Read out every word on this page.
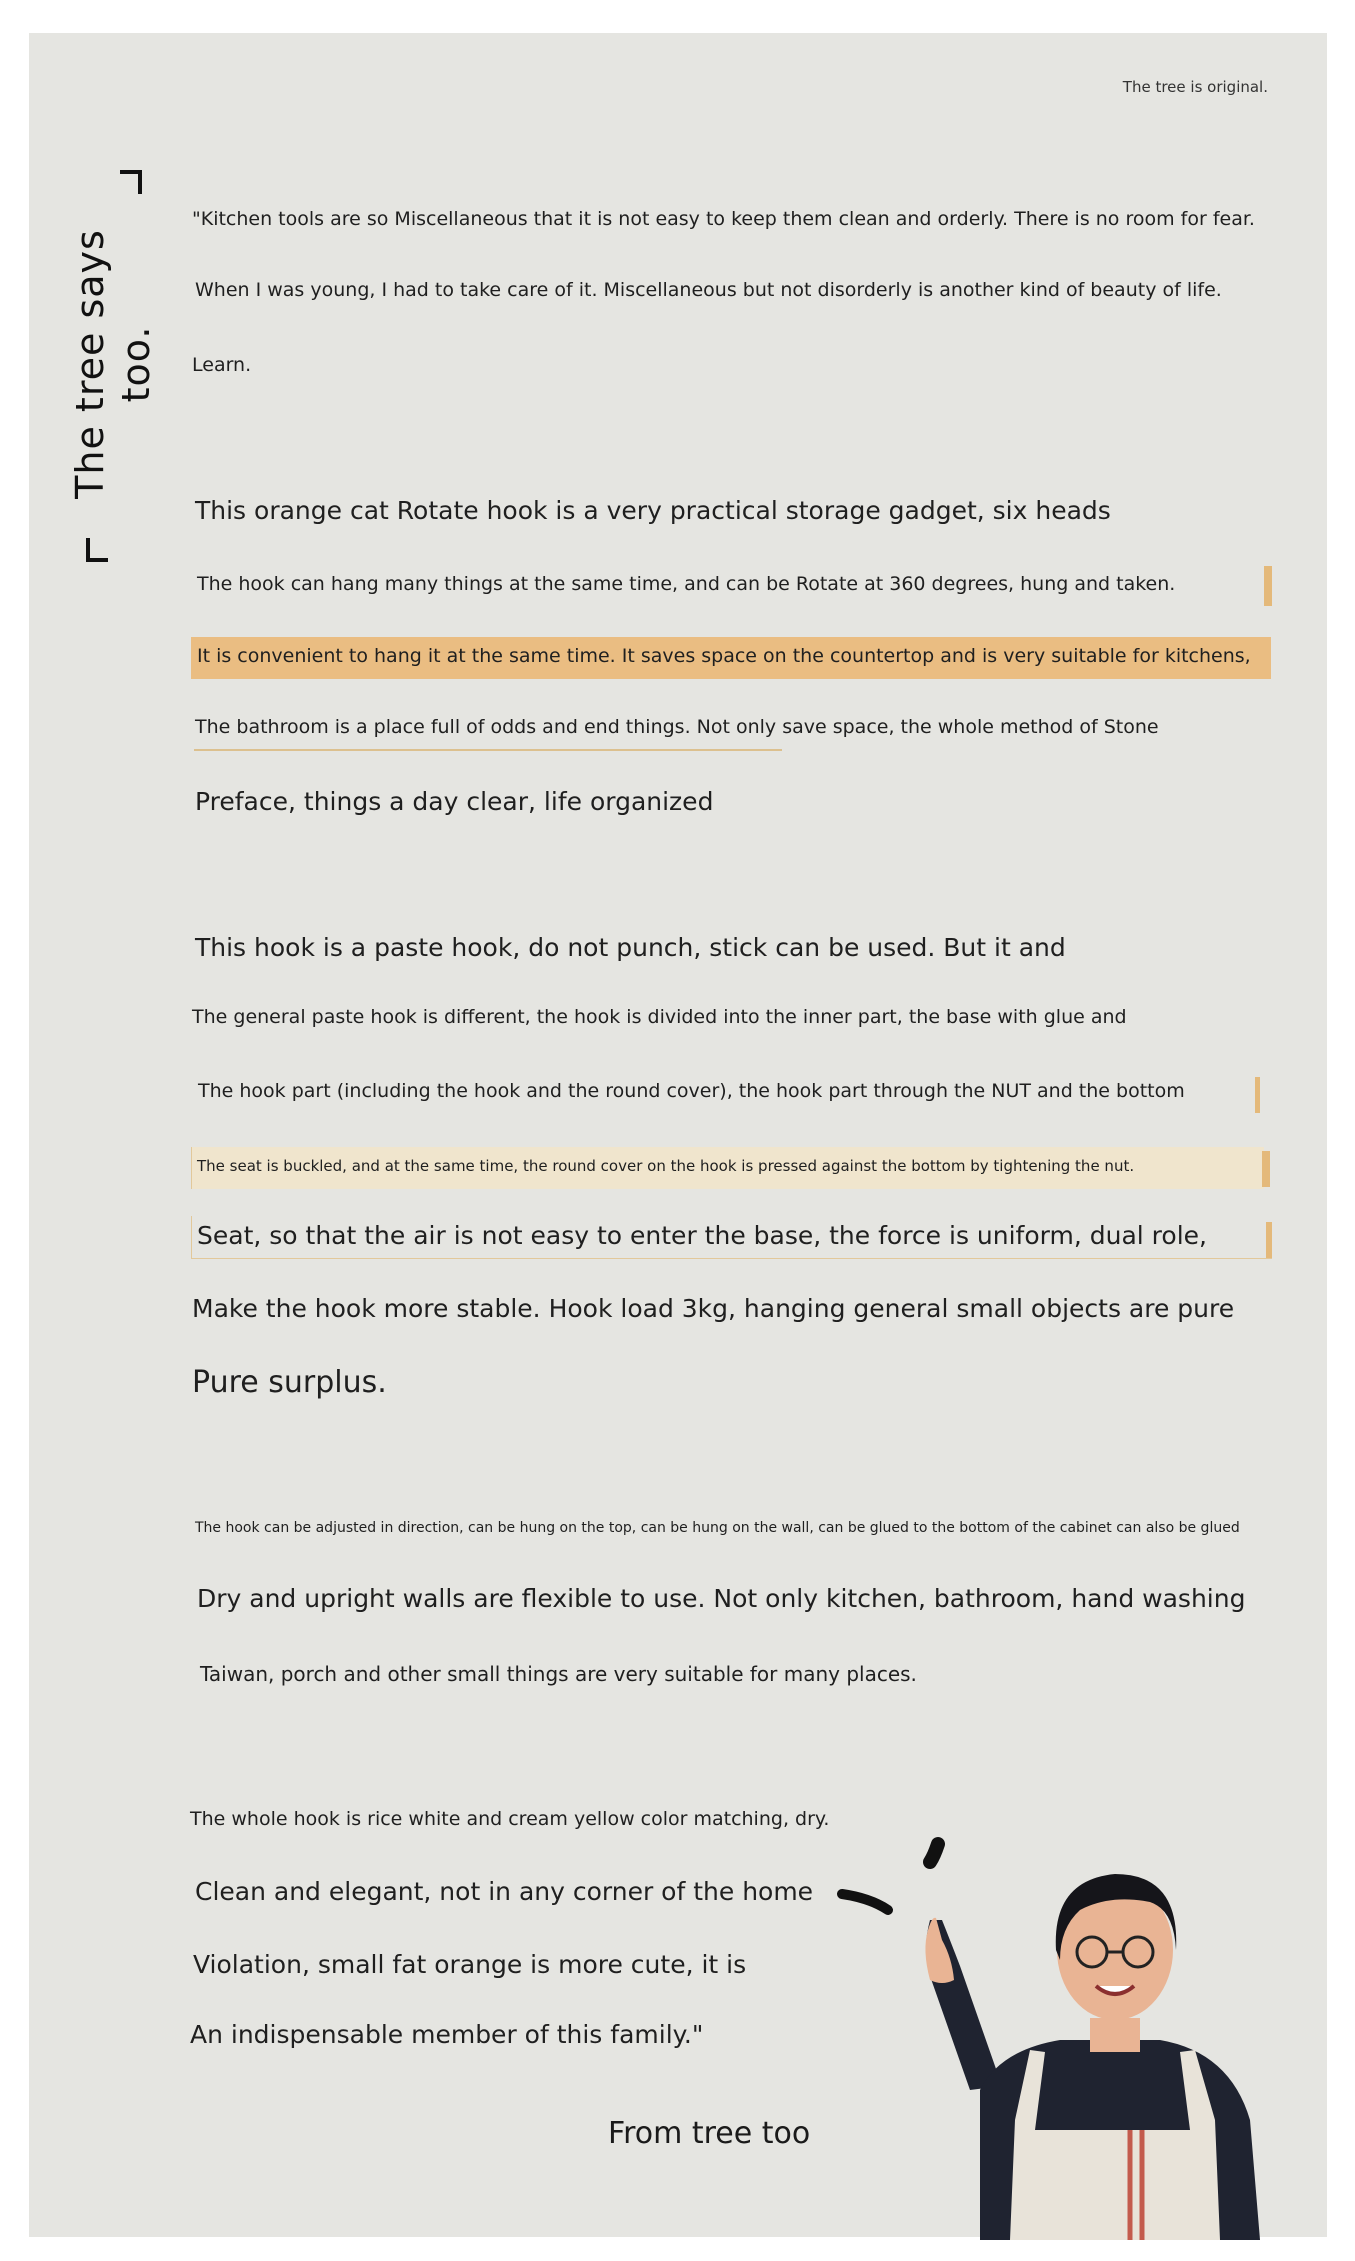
The tree is original.
The tree says too.
"Kitchen tools are so Miscellaneous that it is not easy to keep them clean and orderly. There is no room for fear.
When I was young, I had to take care of it. Miscellaneous but not disorderly is another kind of beauty of life.
Learn.
This orange cat Rotate hook is a very practical storage gadget, six heads
The hook can hang many things at the same time, and can be Rotate at 360 degrees, hung and taken.
It is convenient to hang it at the same time. It saves space on the countertop and is very suitable for kitchens,
The bathroom is a place full of odds and end things. Not only save space, the whole method of Stone
Preface, things a day clear, life organized
This hook is a paste hook, do not punch, stick can be used. But it and
The general paste hook is different, the hook is divided into the inner part, the base with glue and
The hook part (including the hook and the round cover), the hook part through the NUT and the bottom
The seat is buckled, and at the same time, the round cover on the hook is pressed against the bottom by tightening the nut.
Seat, so that the air is not easy to enter the base, the force is uniform, dual role,
Make the hook more stable. Hook load 3kg, hanging general small objects are pure
Pure surplus.
The hook can be adjusted in direction, can be hung on the top, can be hung on the wall, can be glued to the bottom of the cabinet can also be glued
Dry and upright walls are flexible to use. Not only kitchen, bathroom, hand washing
Taiwan, porch and other small things are very suitable for many places.
The whole hook is rice white and cream yellow color matching, dry.
Clean and elegant, not in any corner of the home
Violation, small fat orange is more cute, it is
An indispensable member of this family."
From tree too
